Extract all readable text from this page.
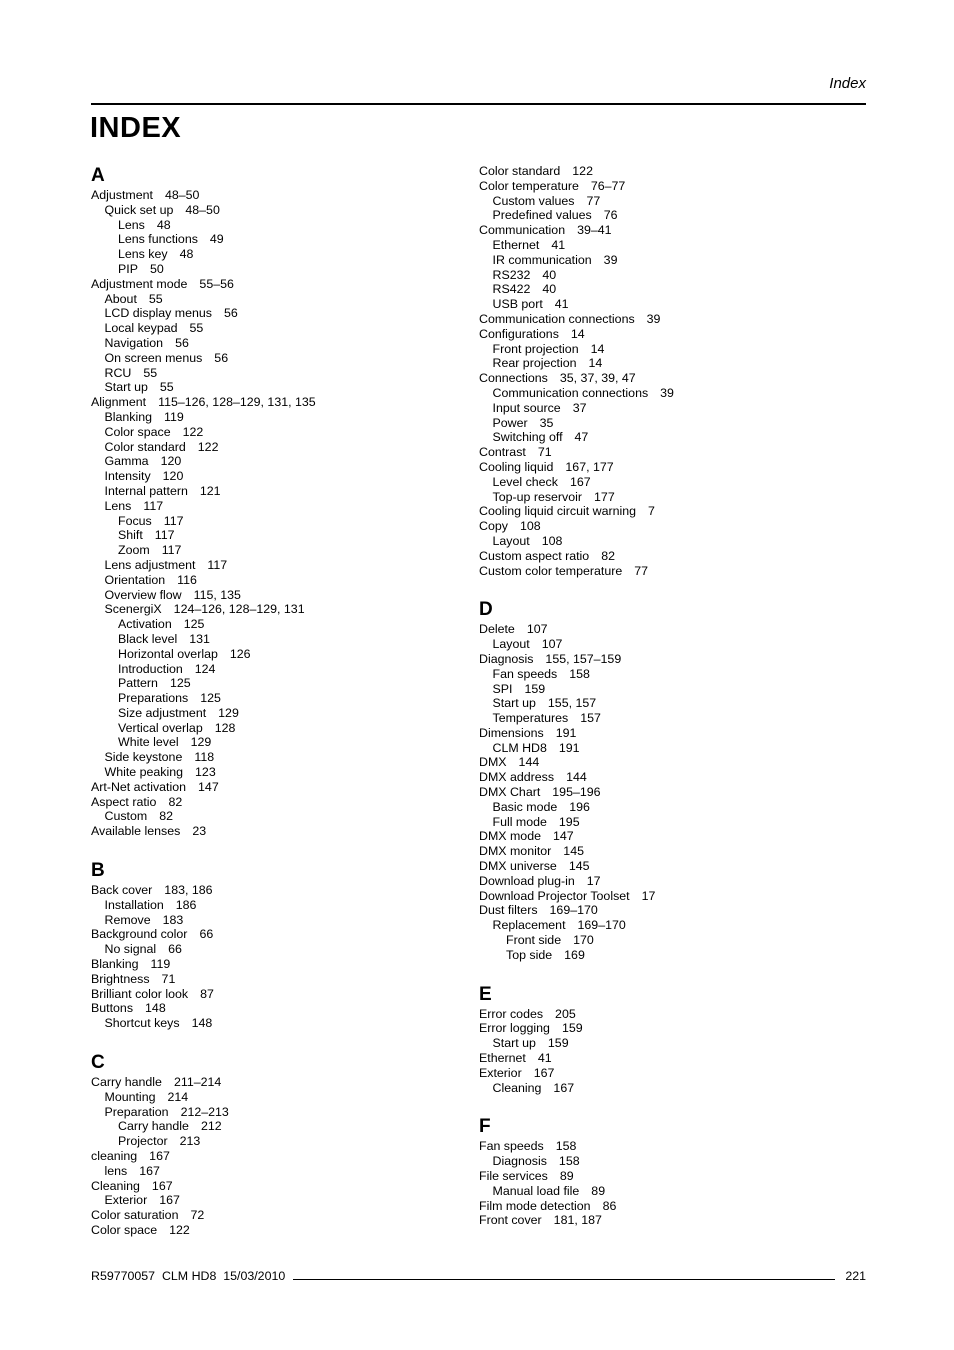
Index
INDEX
A
Adjustment 48–50
Quick set up 48–50
Lens 48
Lens functions 49
Lens key 48
PIP 50
Adjustment mode 55–56
About 55
LCD display menus 56
Local keypad 55
Navigation 56
On screen menus 56
RCU 55
Start up 55
Alignment 115–126, 128–129, 131, 135
Blanking 119
Color space 122
Color standard 122
Gamma 120
Intensity 120
Internal pattern 121
Lens 117
Focus 117
Shift 117
Zoom 117
Lens adjustment 117
Orientation 116
Overview flow 115, 135
ScenergiX 124–126, 128–129, 131
Activation 125
Black level 131
Horizontal overlap 126
Introduction 124
Pattern 125
Preparations 125
Size adjustment 129
Vertical overlap 128
White level 129
Side keystone 118
White peaking 123
Art-Net activation 147
Aspect ratio 82
Custom 82
Available lenses 23
B
Back cover 183, 186
Installation 186
Remove 183
Background color 66
No signal 66
Blanking 119
Brightness 71
Brilliant color look 87
Buttons 148
Shortcut keys 148
C
Carry handle 211–214
Mounting 214
Preparation 212–213
Carry handle 212
Projector 213
cleaning 167
lens 167
Cleaning 167
Exterior 167
Color saturation 72
Color space 122
Color standard 122
Color temperature 76–77
Custom values 77
Predefined values 76
Communication 39–41
Ethernet 41
IR communication 39
RS232 40
RS422 40
USB port 41
Communication connections 39
Configurations 14
Front projection 14
Rear projection 14
Connections 35, 37, 39, 47
Communication connections 39
Input source 37
Power 35
Switching off 47
Contrast 71
Cooling liquid 167, 177
Level check 167
Top-up reservoir 177
Cooling liquid circuit warning 7
Copy 108
Layout 108
Custom aspect ratio 82
Custom color temperature 77
D
Delete 107
Layout 107
Diagnosis 155, 157–159
Fan speeds 158
SPI 159
Start up 155, 157
Temperatures 157
Dimensions 191
CLM HD8 191
DMX 144
DMX address 144
DMX Chart 195–196
Basic mode 196
Full mode 195
DMX mode 147
DMX monitor 145
DMX universe 145
Download plug-in 17
Download Projector Toolset 17
Dust filters 169–170
Replacement 169–170
Front side 170
Top side 169
E
Error codes 205
Error logging 159
Start up 159
Ethernet 41
Exterior 167
Cleaning 167
F
Fan speeds 158
Diagnosis 158
File services 89
Manual load file 89
Film mode detection 86
Front cover 181, 187
R59770057  CLM HD8  15/03/2010	221
